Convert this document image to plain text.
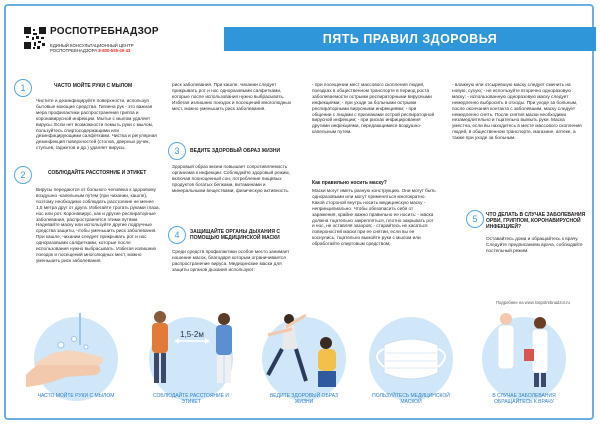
РОСПОТРЕБНАДЗОР
ЕДИНЫЙ КОНСУЛЬТАЦИОННЫЙ ЦЕНТР
РОСПОТРЕБНАДЗОРА 8-800-555-49-43
ПЯТЬ ПРАВИЛ ЗДОРОВЬЯ
1	ЧАСТО МОЙТЕ РУКИ С МЫЛОМ
Чистите и дезинфицируйте поверхности, используя бытовые моющие средства. Гигиена рук - это важная мера профилактики распространения гриппа и коронавирусной инфекции. Мытье с мылом удаляет вирусы. Если нет возможности помыть руки с мылом, пользуйтесь спиртосодержащими или дезинфицирующими салфетками. Чистка и регулярная дезинфекция поверхностей (столов, дверных ручек, стульев, гаджетов и др.) удаляет вирусы.
2	СОБЛЮДАЙТЕ РАССТОЯНИЕ И ЭТИКЕТ
Вирусы передаются от больного человека к здоровому воздушно -капельным путем (при чихании, кашле), поэтому необходимо соблюдать расстояние не менее 1,5 метра друг от друга. Избегайте трогать руками глаза, нос или рот. Коронавирус, как и другие респираторные заболевания, распространяется этими путями. Надевайте маску или используйте другие подручные средства защиты, чтобы уменьшить риск заболевания. При кашле, чихании следует прикрывать рот и нос одноразовыми салфетками, которые после использования нужно выбрасывать. Избегая излишних поездок и посещений многолюдных мест, можно уменьшить риск заболевания.
риск заболевания. При кашле, чихании следует прикрывать рот и нос одноразовыми салфетками, которые после использования нужно выбрасывать. Избегая излишних поездок и посещений многолюдных мест, можно уменьшить риск заболевания.
3	ВЕДИТЕ ЗДОРОВЫЙ ОБРАЗ ЖИЗНИ
Здоровый образ жизни повышает сопротивляемость организма к инфекции. Соблюдайте здоровый режим, включая полноценный сон, потребление пищевых продуктов богатых белками, витаминами и минеральными веществами, физическую активность.
4	ЗАЩИЩАЙТЕ ОРГАНЫ ДЫХАНИЯ С ПОМОЩЬЮ МЕДИЦИНСКОЙ МАСКИ
Среди средств профилактики особое место занимает ношение масок, благодаря которым ограничивается распространение вируса. Медицинские маски для защиты органов дыхания используют:
- при посещении мест массового скопления людей, поездках в общественном транспорте в период роста заболеваемости острыми респираторными вирусными инфекциями; - при уходе за больными острыми респираторными вирусными инфекциями; - при общении с лицами с признаками острой респираторной вирусной инфекции; - при рисках инфицирования другими инфекциями, передающимися воздушно-капельным путем.
Как правильно носить маску?
Маски могут иметь разную конструкцию. Они могут быть одноразовыми или могут применяться многократно. Какой стороной внутрь носить медицинскую маску - непринципиально. Чтобы обезопасить себя от заражения, крайне важно правильно ее носить: - маска должна тщательно закрепляться, плотно закрывать рот и нос, не оставляя зазоров; - старайтесь не касаться поверхностей маски при ее снятии, если вы ее коснулись, тщательно вымойте руки с мылом или обработайте спиртовым средством;
- влажную или отсыревшую маску следует сменить на новую, сухую; - не используйте вторично одноразовую маску; - использованную одноразовую маску следует немедленно выбросить в отходы. При уходе за больным, после окончания контакта с заболевшим, маску следует немедленно снять. После снятия маски необходимо незамедлительно и тщательно вымыть руки. Маска уместна, если вы находитесь в месте массового скопления людей, в общественном транспорте, магазине, аптеке, а также при уходе за больным.
5	ЧТО ДЕЛАТЬ В СЛУЧАЕ ЗАБОЛЕВАНИЯ ОРВИ, ГРИППОМ, КОРОНАВИРУСНОЙ ИНФЕКЦИЕЙ?
Оставайтесь дома и обращайтесь к врачу. Следуйте предписаниям врача, соблюдайте постельный режим.
Подробнее на www.rospotrebnadzor.ru
1,5-2м
ЧАСТО МОЙТЕ РУКИ С МЫЛОМ	СОБЛЮДАЙТЕ РАССТОЯНИЕ И ЭТИКЕТ
ВЕДИТЕ ЗДОРОВЫЙ ОБРАЗ ЖИЗНИ
ПОЛЬЗУЙТЕСЬ МЕДИЦИНСКОЙ МАСКОЙ
В СЛУЧАЕ ЗАБОЛЕВАНИЯ ОБРАЩАЙТЕСЬ К ВРАЧУ
